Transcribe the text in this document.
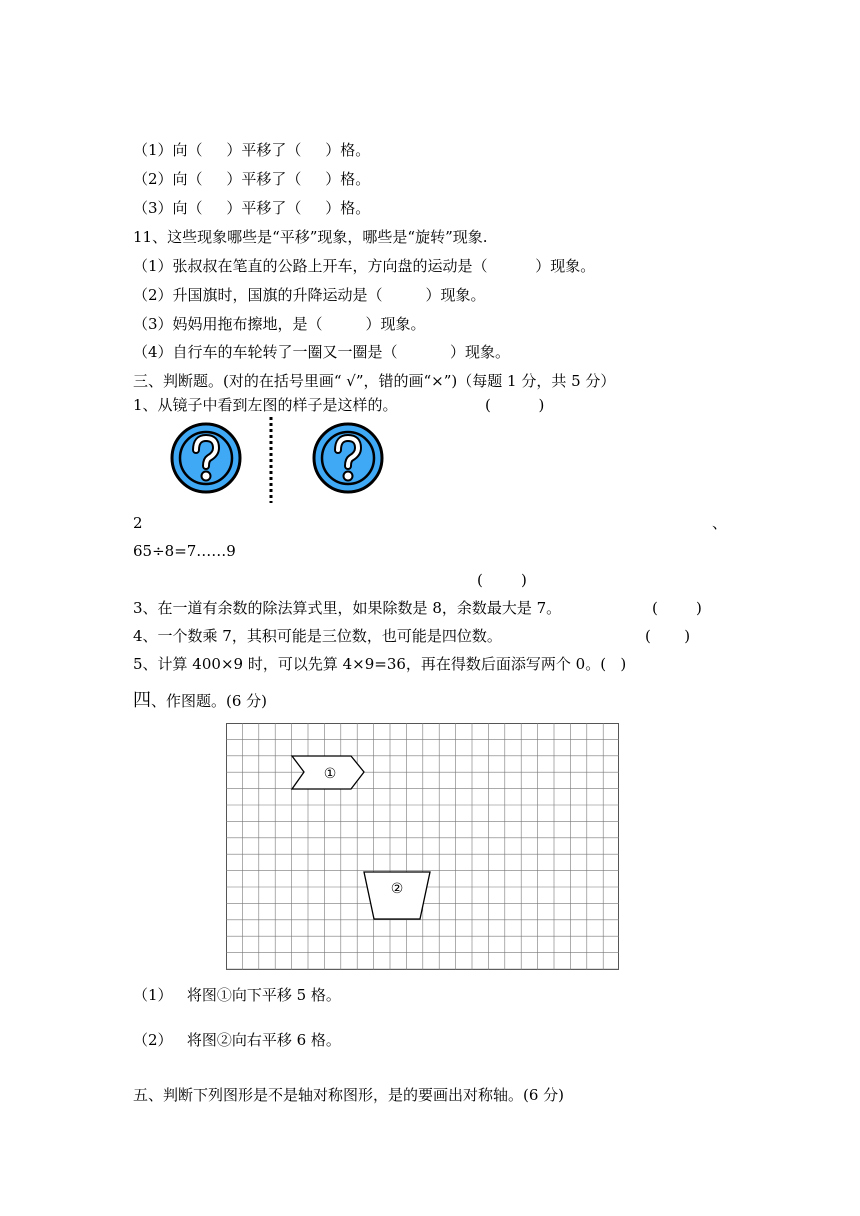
（1）向（     ）平移了（     ）格。
（2）向（     ）平移了（     ）格。
（3）向（     ）平移了（     ）格。
11、这些现象哪些是“平移”现象，哪些是“旋转”现象.
（1）张叔叔在笔直的公路上开车，方向盘的运动是（          ）现象。
（2）升国旗时，国旗的升降运动是（         ）现象。
（3）妈妈用拖布擦地，是（         ）现象。
（4）自行车的车轮转了一圈又一圈是（           ）现象。
三、判断题。(对的在括号里画“ √”，错的画“×”)（每题 1 分，共 5 分）
1、从镜子中看到左图的样子是这样的。	(          )
2	、
65÷8=7……9
(        )
3、在一道有余数的除法算式里，如果除数是 8，余数最大是 7。	(        )
4、一个数乘 7，其积可能是三位数，也可能是四位数。	(       )
5、计算 400×9 时，可以先算 4×9=36，再在得数后面添写两个 0。(   )
四、作图题。(6 分)
①
②
（1）   将图①向下平移 5 格。
（2）   将图②向右平移 6 格。
五、判断下列图形是不是轴对称图形，是的要画出对称轴。(6 分)
